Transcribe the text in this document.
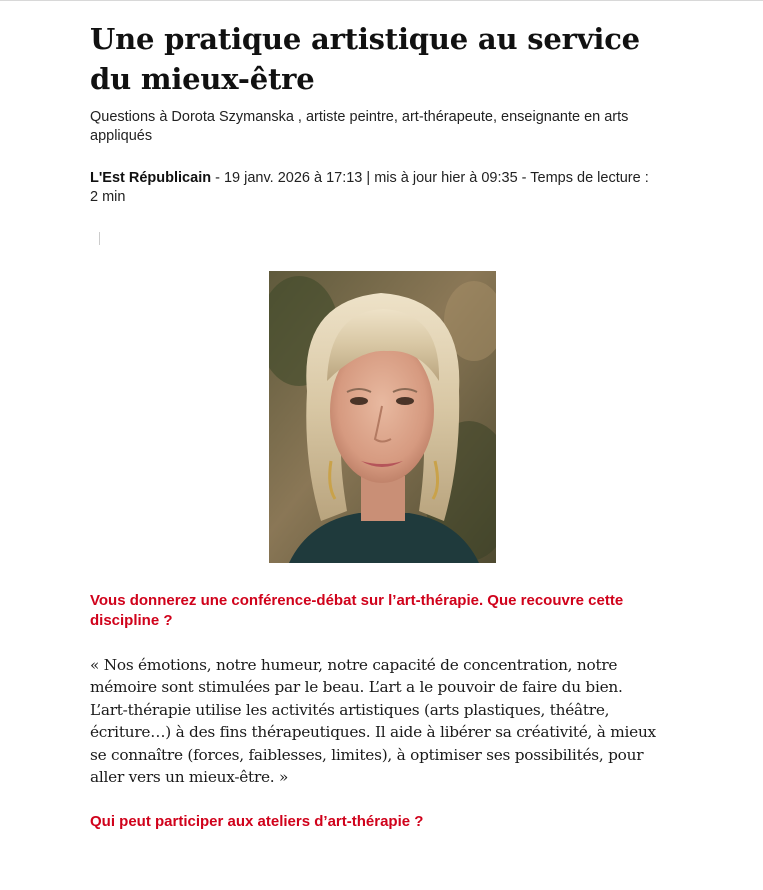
Une pratique artistique au service du mieux-être

Questions à Dorota Szymanska , artiste peintre, art-thérapeute, enseignante en arts appliqués

L'Est Républicain - 19 janv. 2026 à 17:13 | mis à jour hier à 09:35 - Temps de lecture : 2 min

Vous donnerez une conférence-débat sur l’art-thérapie. Que recouvre cette discipline ?

« Nos émotions, notre humeur, notre capacité de concentration, notre mémoire sont stimulées par le beau. L’art a le pouvoir de faire du bien. L’art-thérapie utilise les activités artistiques (arts plastiques, théâtre, écriture…) à des fins thérapeutiques. Il aide à libérer sa créativité, à mieux se connaître (forces, faiblesses, limites), à optimiser ses possibilités, pour aller vers un mieux-être. »

Qui peut participer aux ateliers d’art-thérapie ?
